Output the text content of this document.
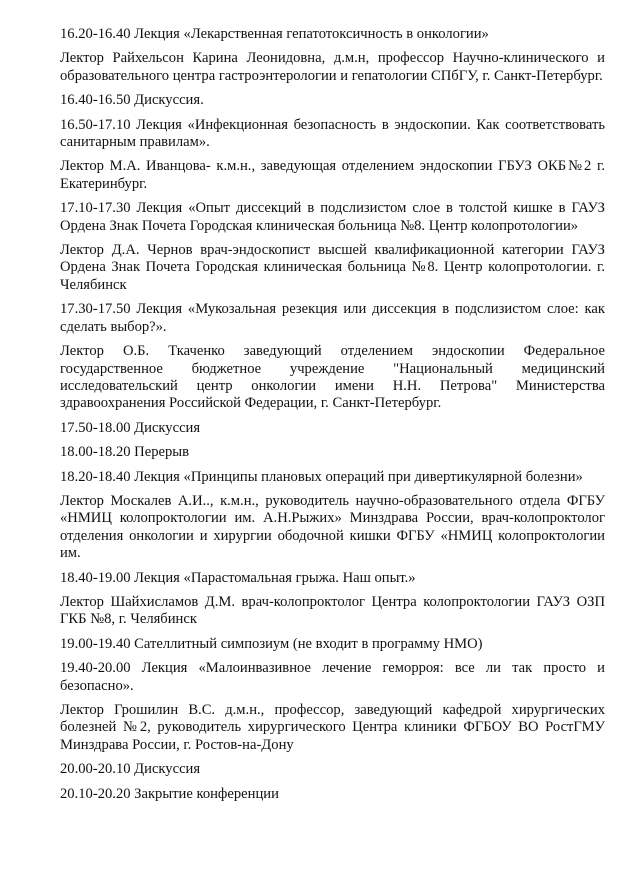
16.20-16.40 Лекция «Лекарственная гепатотоксичность в онкологии»

Лектор Райхельсон Карина Леонидовна, д.м.н, профессор Научно-клинического и образовательного центра гастроэнтерологии и гепатологии СПбГУ, г. Санкт-Петербург.

16.40-16.50 Дискуссия.

16.50-17.10 Лекция «Инфекционная безопасность в эндоскопии. Как соответствовать санитарным правилам».

Лектор М.А. Иванцова- к.м.н., заведующая отделением эндоскопии ГБУЗ ОКБ№2 г. Екатеринбург.

17.10-17.30 Лекция «Опыт диссекций в подслизистом слое в толстой кишке в ГАУЗ Ордена Знак Почета Городская клиническая больница №8. Центр колопротологии»

Лектор Д.А. Чернов врач-эндоскопист высшей квалификационной категории ГАУЗ Ордена Знак Почета Городская клиническая больница №8. Центр колопротологии. г. Челябинск

17.30-17.50 Лекция «Мукозальная резекция или диссекция в подслизистом слое: как сделать выбор?».

Лектор О.Б. Ткаченко заведующий отделением эндоскопии Федеральное государственное бюджетное учреждение "Национальный медицинский исследовательский центр онкологии имени Н.Н. Петрова" Министерства здравоохранения Российской Федерации, г. Санкт-Петербург.

17.50-18.00 Дискуссия

18.00-18.20 Перерыв

18.20-18.40 Лекция «Принципы плановых операций при дивертикулярной болезни»

Лектор Москалев А.И.., к.м.н., руководитель научно-образовательного отдела ФГБУ «НМИЦ колопроктологии им. А.Н.Рыжих» Минздрава России, врач-колопроктолог отделения онкологии и хирургии ободочной кишки ФГБУ «НМИЦ колопроктологии им.

18.40-19.00 Лекция «Парастомальная грыжа. Наш опыт.»

Лектор Шайхисламов Д.М. врач-колопроктолог Центра колопроктологии ГАУЗ ОЗП ГКБ №8, г. Челябинск

19.00-19.40 Сателлитный симпозиум (не входит в программу НМО)

19.40-20.00 Лекция «Малоинвазивное лечение геморроя: все ли так просто и безопасно».

Лектор Грошилин В.С. д.м.н., профессор, заведующий кафедрой хирургических болезней №2, руководитель хирургического Центра клиники ФГБОУ ВО РостГМУ Минздрава России, г. Ростов-на-Дону

20.00-20.10 Дискуссия

20.10-20.20 Закрытие конференции
